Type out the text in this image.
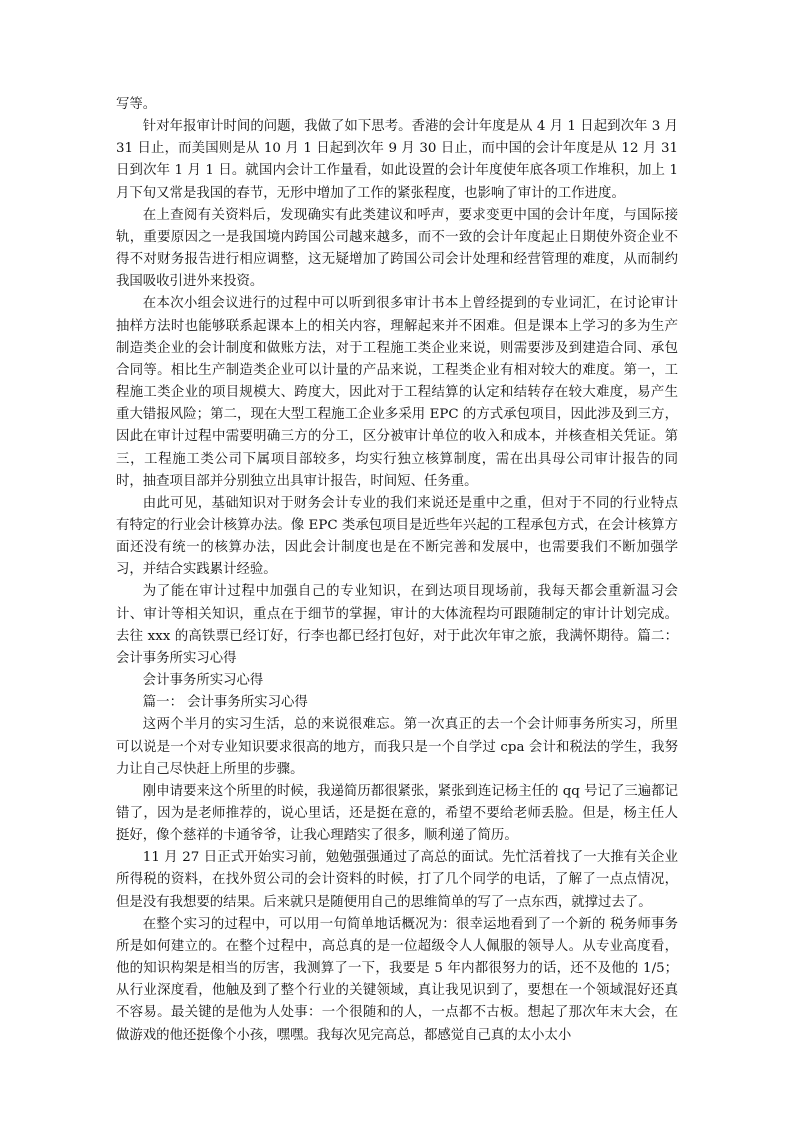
写等。

针对年报审计时间的问题，我做了如下思考。香港的会计年度是从 4 月 1 日起到次年 3 月 31 日止，而美国则是从 10 月 1 日起到次年 9 月 30 日止，而中国的会计年度是从 12 月 31 日到次年 1 月 1 日。就国内会计工作量看，如此设置的会计年度使年底各项工作堆积，加上 1 月下旬又常是我国的春节，无形中增加了工作的紧张程度，也影响了审计的工作进度。

在上查阅有关资料后，发现确实有此类建议和呼声，要求变更中国的会计年度，与国际接轨，重要原因之一是我国境内跨国公司越来越多，而不一致的会计年度起止日期使外资企业不得不对财务报告进行相应调整，这无疑增加了跨国公司会计处理和经营管理的难度，从而制约我国吸收引进外来投资。

在本次小组会议进行的过程中可以听到很多审计书本上曾经提到的专业词汇，在讨论审计抽样方法时也能够联系起课本上的相关内容，理解起来并不困难。但是课本上学习的多为生产制造类企业的会计制度和做账方法，对于工程施工类企业来说，则需要涉及到建造合同、承包合同等。相比生产制造类企业可以计量的产品来说，工程类企业有相对较大的难度。第一，工程施工类企业的项目规模大、跨度大，因此对于工程结算的认定和结转存在较大难度，易产生重大错报风险；第二，现在大型工程施工企业多采用 EPC 的方式承包项目，因此涉及到三方，因此在审计过程中需要明确三方的分工，区分被审计单位的收入和成本，并核查相关凭证。第三，工程施工类公司下属项目部较多，均实行独立核算制度，需在出具母公司审计报告的同时，抽查项目部并分别独立出具审计报告，时间短、任务重。

由此可见，基础知识对于财务会计专业的我们来说还是重中之重，但对于不同的行业特点有特定的行业会计核算办法。像 EPC 类承包项目是近些年兴起的工程承包方式，在会计核算方面还没有统一的核算办法，因此会计制度也是在不断完善和发展中，也需要我们不断加强学习，并结合实践累计经验。

为了能在审计过程中加强自己的专业知识，在到达项目现场前，我每天都会重新温习会计、审计等相关知识，重点在于细节的掌握，审计的大体流程均可跟随制定的审计计划完成。去往 xxx 的高铁票已经订好，行李也都已经打包好，对于此次年审之旅，我满怀期待。篇二：会计事务所实习心得

会计事务所实习心得

篇一： 会计事务所实习心得

这两个半月的实习生活，总的来说很难忘。第一次真正的去一个会计师事务所实习，所里可以说是一个对专业知识要求很高的地方，而我只是一个自学过 cpa 会计和税法的学生，我努力让自己尽快赶上所里的步骤。

刚申请要来这个所里的时候，我递简历都很紧张，紧张到连记杨主任的 qq 号记了三遍都记错了，因为是老师推荐的，说心里话，还是挺在意的，希望不要给老师丢脸。但是，杨主任人挺好，像个慈祥的卡通爷爷，让我心理踏实了很多，顺利递了简历。

11 月 27 日正式开始实习前，勉勉强强通过了高总的面试。先忙活着找了一大推有关企业所得税的资料，在找外贸公司的会计资料的时候，打了几个同学的电话，了解了一点点情况，但是没有我想要的结果。后来就只是随便用自己的思维简单的写了一点东西，就撑过去了。

在整个实习的过程中，可以用一句简单地话概况为：很幸运地看到了一个新的 税务师事务所是如何建立的。在整个过程中，高总真的是一位超级令人人佩服的领导人。从专业高度看，他的知识构架是相当的厉害，我测算了一下，我要是 5 年内都很努力的话，还不及他的 1/5；从行业深度看，他触及到了整个行业的关键领域，真让我见识到了，要想在一个领域混好还真不容易。最关键的是他为人处事：一个很随和的人，一点都不古板。想起了那次年末大会，在做游戏的他还挺像个小孩，嘿嘿。我每次见完高总，都感觉自己真的太小太小
